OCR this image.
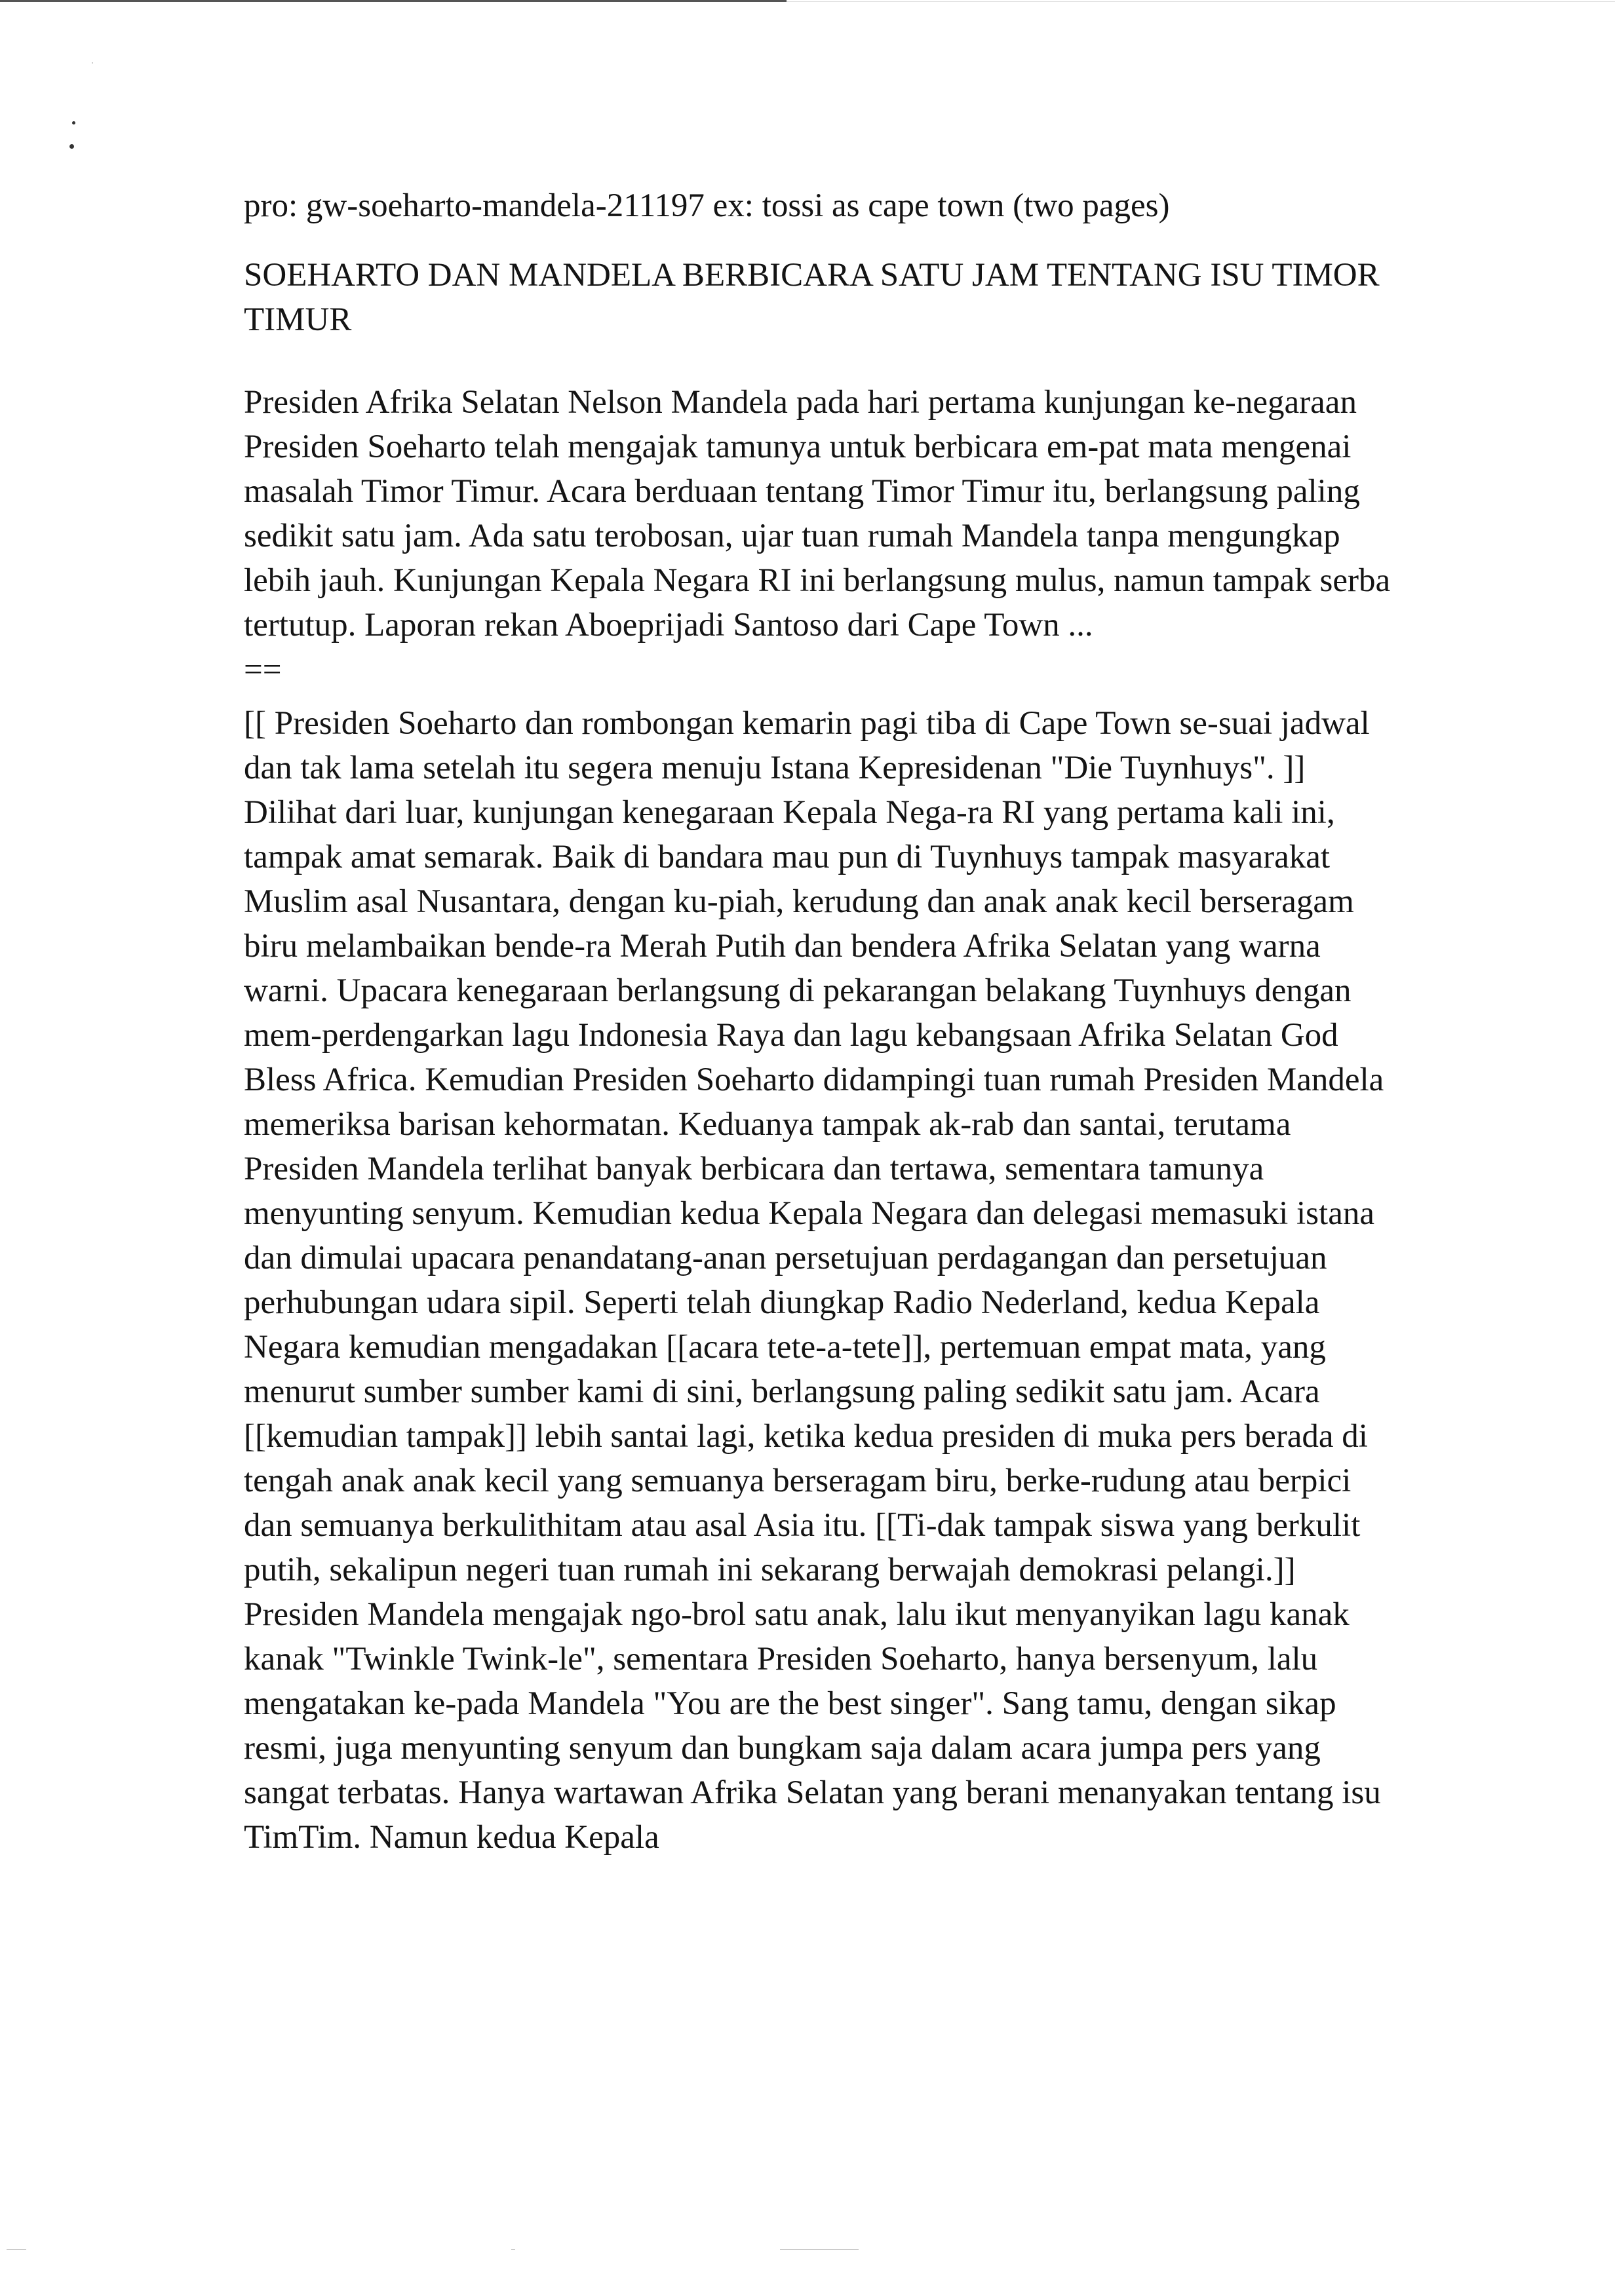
pro: gw-soeharto-mandela-211197 ex: tossi as cape town (two pages)

SOEHARTO DAN MANDELA BERBICARA SATU JAM TENTANG ISU TIMOR TIMUR

Presiden Afrika Selatan Nelson Mandela pada hari pertama kunjungan ke-negaraan Presiden Soeharto telah mengajak tamunya untuk berbicara em-pat mata mengenai masalah Timor Timur. Acara berduaan tentang Timor Timur itu, berlangsung paling sedikit satu jam. Ada satu terobosan, ujar tuan rumah Mandela tanpa mengungkap lebih jauh. Kunjungan Kepala Negara RI ini berlangsung mulus, namun tampak serba tertutup. Laporan rekan Aboeprijadi Santoso dari Cape Town ...

==

[[ Presiden Soeharto dan rombongan kemarin pagi tiba di Cape Town se-suai jadwal dan tak lama setelah itu segera menuju Istana Kepresidenan "Die Tuynhuys". ]] Dilihat dari luar, kunjungan kenegaraan Kepala Nega-ra RI yang pertama kali ini, tampak amat semarak. Baik di bandara mau pun di Tuynhuys tampak masyarakat Muslim asal Nusantara, dengan ku-piah, kerudung dan anak anak kecil berseragam biru melambaikan bende-ra Merah Putih dan bendera Afrika Selatan yang warna warni. Upacara kenegaraan berlangsung di pekarangan belakang Tuynhuys dengan mem-perdengarkan lagu Indonesia Raya dan lagu kebangsaan Afrika Selatan God Bless Africa. Kemudian Presiden Soeharto didampingi tuan rumah Presiden Mandela memeriksa barisan kehormatan. Keduanya tampak ak-rab dan santai, terutama Presiden Mandela terlihat banyak berbicara dan tertawa, sementara tamunya menyunting senyum. Kemudian kedua Kepala Negara dan delegasi memasuki istana dan dimulai upacara penandatang-anan persetujuan perdagangan dan persetujuan perhubungan udara sipil. Seperti telah diungkap Radio Nederland, kedua Kepala Negara kemudian mengadakan [[acara tete-a-tete]], pertemuan empat mata, yang menurut sumber sumber kami di sini, berlangsung paling sedikit satu jam. Acara [[kemudian tampak]] lebih santai lagi, ketika kedua presiden di muka pers berada di tengah anak anak kecil yang semuanya berseragam biru, berke-rudung atau berpici dan semuanya berkulithitam atau asal Asia itu. [[Ti-dak tampak siswa yang berkulit putih, sekalipun negeri tuan rumah ini sekarang berwajah demokrasi pelangi.]] Presiden Mandela mengajak ngo-brol satu anak, lalu ikut menyanyikan lagu kanak kanak "Twinkle Twink-le", sementara Presiden Soeharto, hanya bersenyum, lalu mengatakan ke-pada Mandela "You are the best singer". Sang tamu, dengan sikap resmi, juga menyunting senyum dan bungkam saja dalam acara jumpa pers yang sangat terbatas. Hanya wartawan Afrika Selatan yang berani menanyakan tentang isu TimTim. Namun kedua Kepala
